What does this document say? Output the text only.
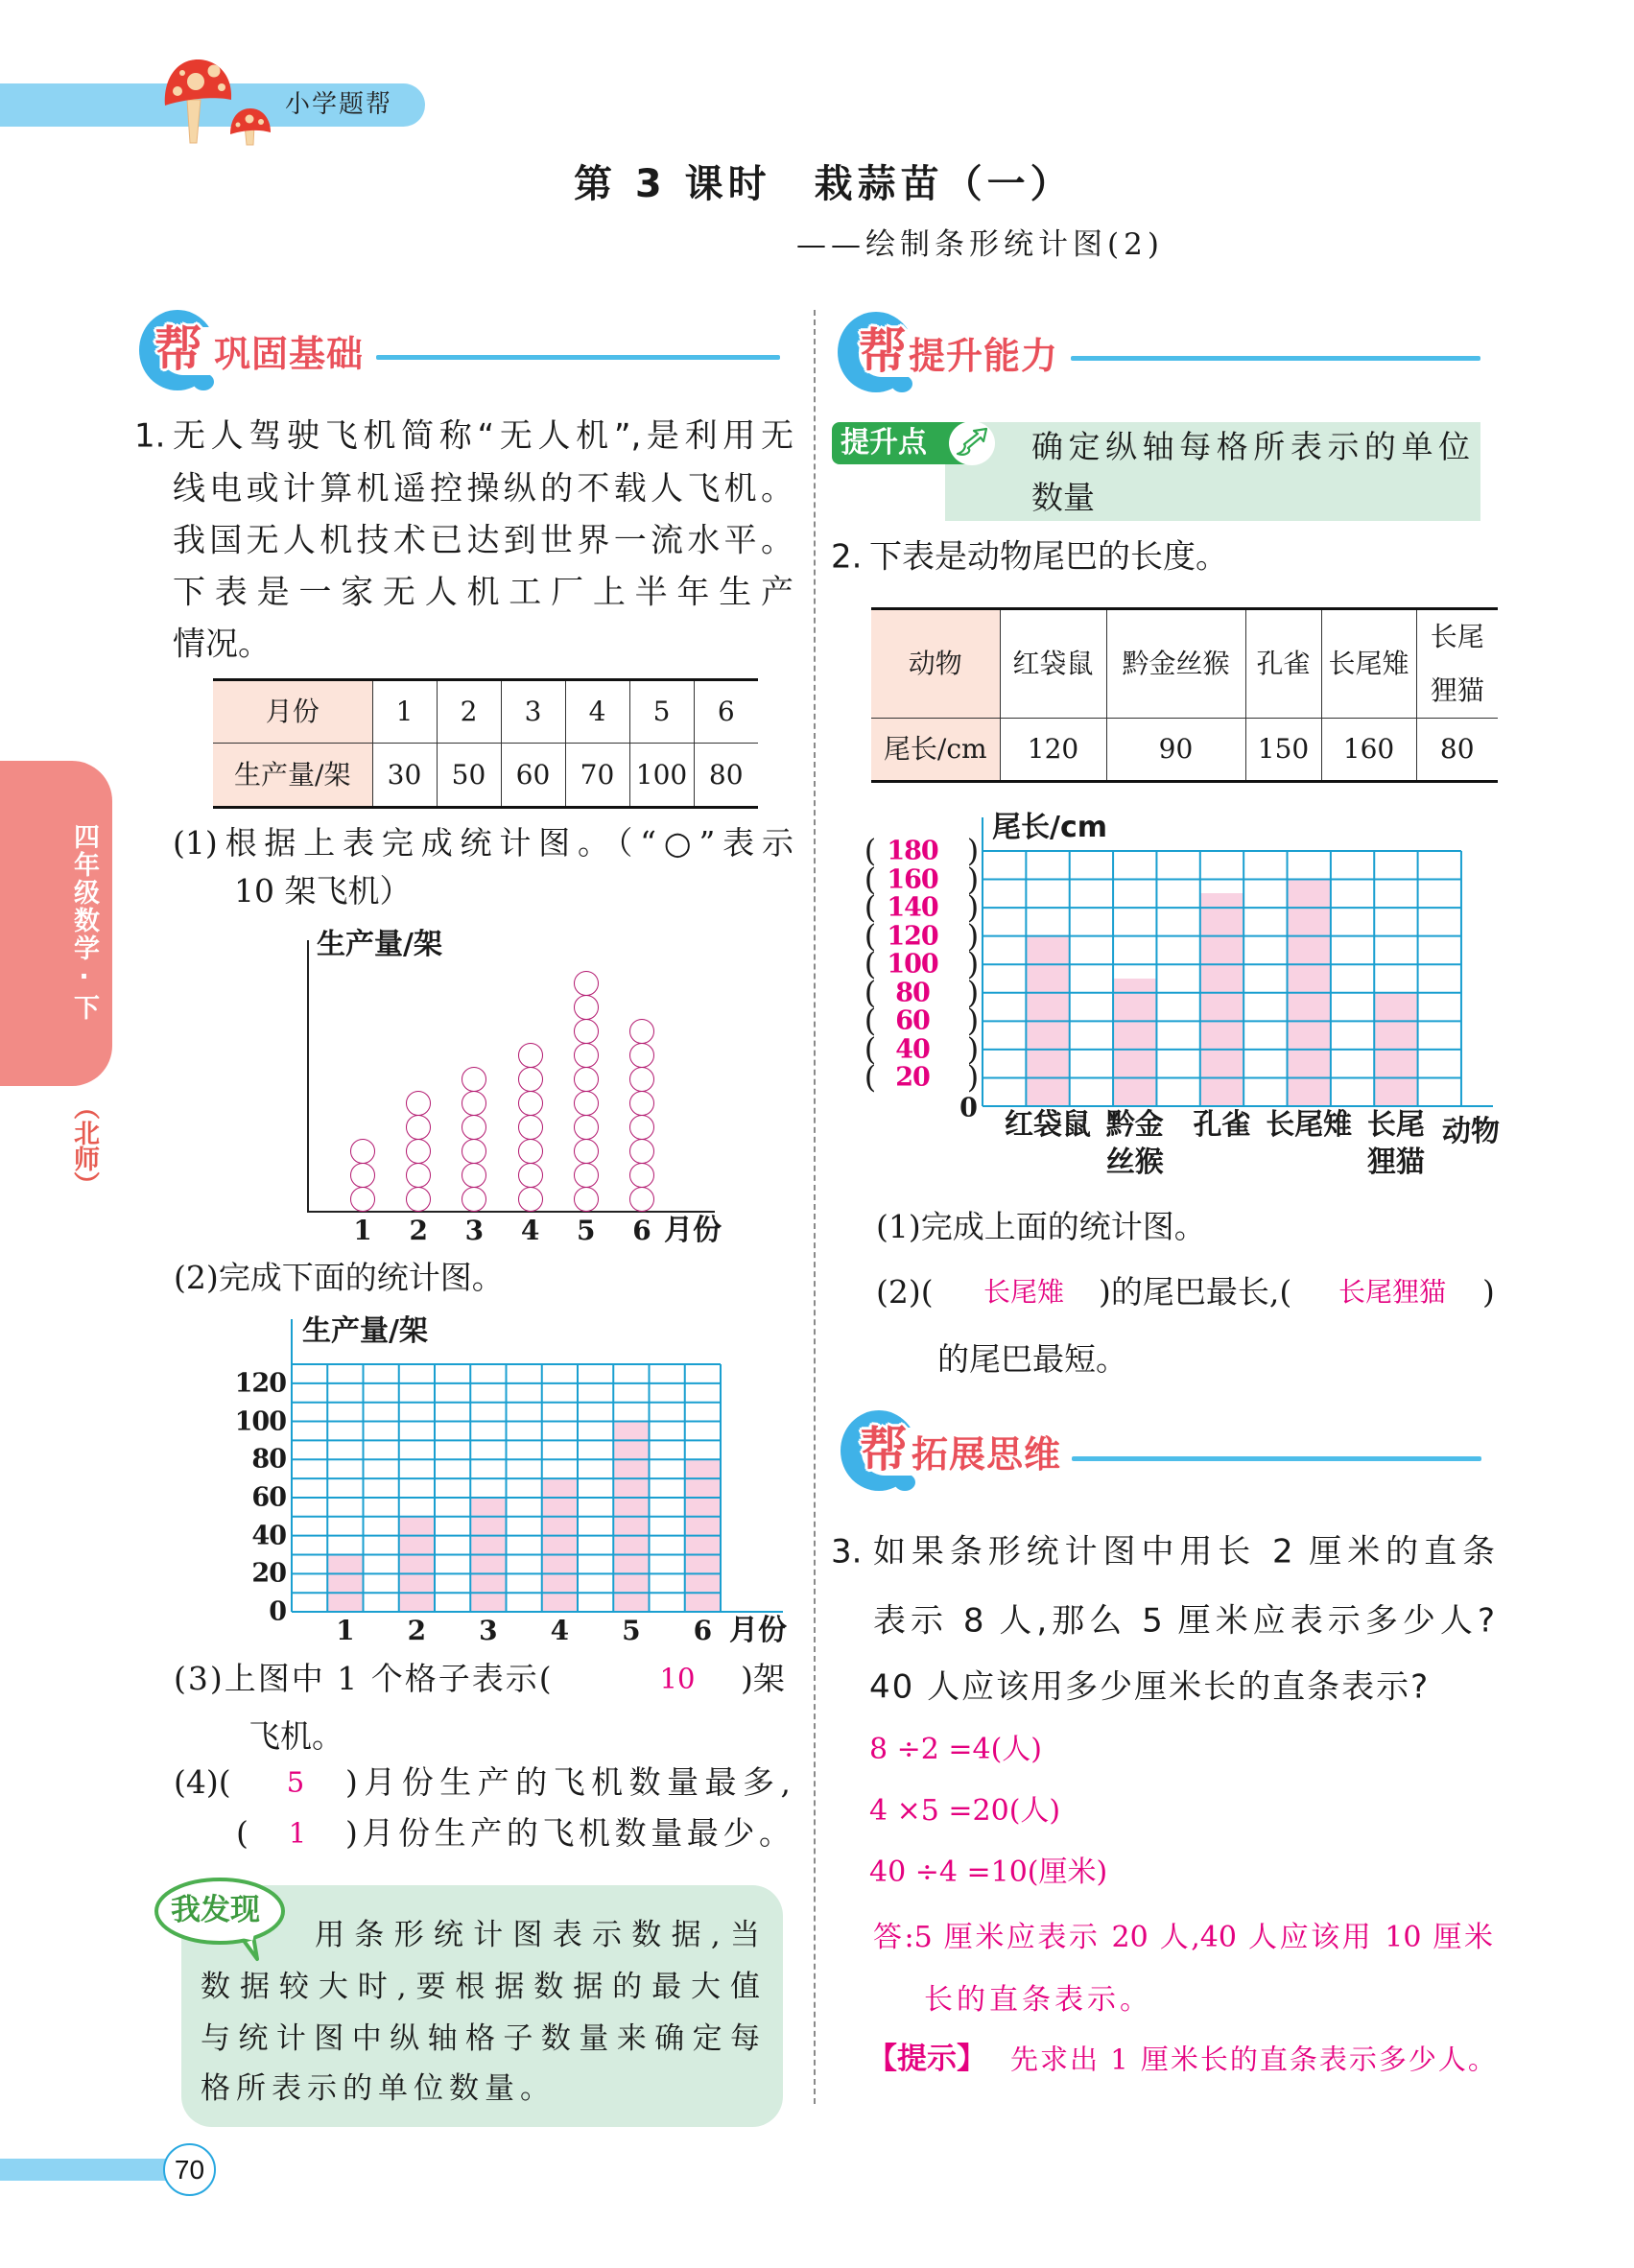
小学题帮
第 3 课时　栽蒜苗（一）
——绘制条形统计图(2)
四年级数学·下
（北师）
帮 巩固基础
1. 无人驾驶飞机简称“无人机”,是利用无
线电或计算机遥控操纵的不载人飞机。
我国无人机技术已达到世界一流水平。
下表是一家无人机工厂上半年生产
情况。
月份	1	2	3	4	5	6
生产量/架	30	50	60	70	100	80
(1)根据上表完成统计图。（“○”表示
10 架飞机）
1 2 3 4 5 6
生产量/架
月份
(2)完成下面的统计图。
1 2 3 4 5 6
0
20
40
60
80
100
120
生产量/架
月份
(3)上图中 1 个格子表示(	10 )架
飞机。
(4)( 5 )月份生产的飞机数量最多,
( 1 )月份生产的飞机数量最少。
我发现
用条形统计图表示数据,当
数据较大时,要根据数据的最大值
与统计图中纵轴格子数量来确定每
格所表示的单位数量。
70
帮 提升能力
提升点	确定纵轴每格所表示的单位
数量
2. 下表是动物尾巴的长度。
动物	红袋鼠	黔金丝猴	孔雀	长尾雉	长尾狸猫
尾长/cm	120	90	150	160	80
红袋鼠 黔金
丝猴
孔雀 长尾雉 长尾
狸猫
20
(	)
40
(	)
60
(	)
80
(	)
100
(	)
120
(	)
140
(	)
160
(	)
180
(	)
0
尾长/cm
动物
(1)完成上面的统计图。
(2)( 长尾雉 )的尾巴最长,( 长尾狸猫 )
的尾巴最短。
帮 拓展思维
3. 如果条形统计图中用长 2 厘米的直条
表示 8 人,那么 5 厘米应表示多少人?
40 人应该用多少厘米长的直条表示?
8 ÷2 =4(人)
4 ×5 =20(人)
40 ÷4 =10(厘米)
答:5 厘米应表示 20 人,40 人应该用 10 厘米
长的直条表示。
【提示】 先求出 1 厘米长的直条表示多少人。
